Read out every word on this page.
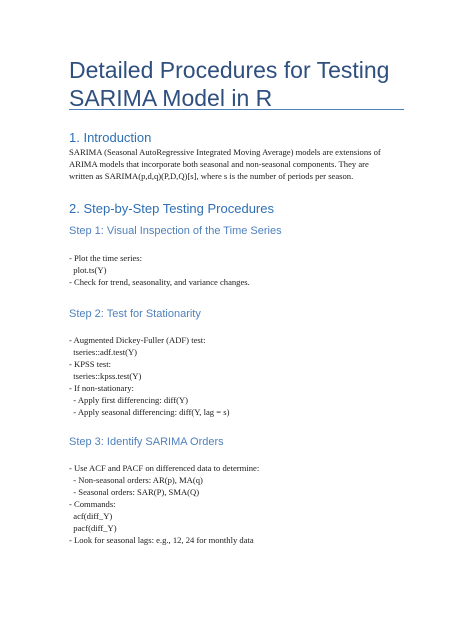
Detailed Procedures for Testing SARIMA Model in R
1. Introduction
SARIMA (Seasonal AutoRegressive Integrated Moving Average) models are extensions of
ARIMA models that incorporate both seasonal and non-seasonal components. They are
written as SARIMA(p,d,q)(P,D,Q)[s], where s is the number of periods per season.
2. Step-by-Step Testing Procedures
Step 1: Visual Inspection of the Time Series
- Plot the time series:
plot.ts(Y)
- Check for trend, seasonality, and variance changes.
Step 2: Test for Stationarity
- Augmented Dickey-Fuller (ADF) test:
tseries::adf.test(Y)
- KPSS test:
tseries::kpss.test(Y)
- If non-stationary:
- Apply first differencing: diff(Y)
- Apply seasonal differencing: diff(Y, lag = s)
Step 3: Identify SARIMA Orders
- Use ACF and PACF on differenced data to determine:
- Non-seasonal orders: AR(p), MA(q)
- Seasonal orders: SAR(P), SMA(Q)
- Commands:
acf(diff_Y)
pacf(diff_Y)
- Look for seasonal lags: e.g., 12, 24 for monthly data
